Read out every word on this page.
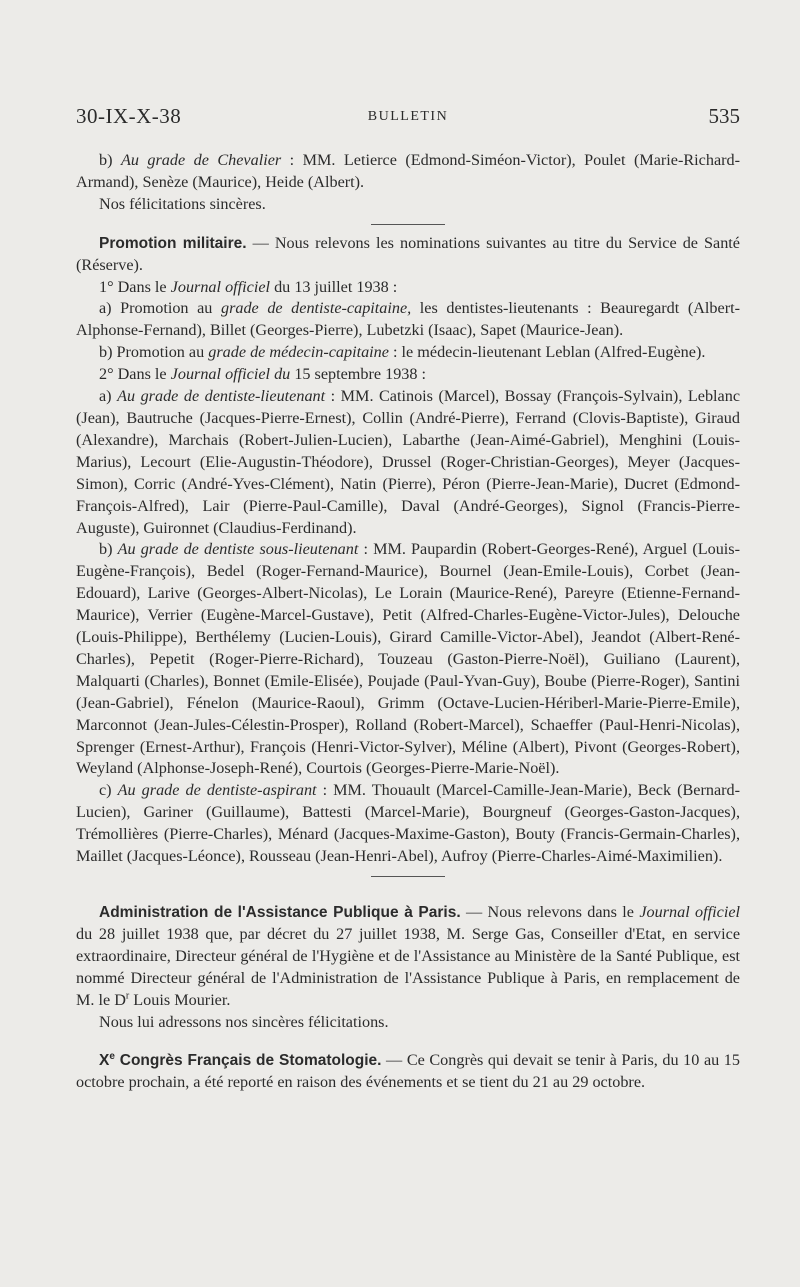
30-IX-X-38	BULLETIN	535

b) Au grade de Chevalier : MM. Letierce (Edmond-Siméon-Victor), Poulet (Marie-Richard-Armand), Senèze (Maurice), Heide (Albert).

Nos félicitations sincères.

Promotion militaire. — Nous relevons les nominations suivantes au titre du Service de Santé (Réserve).

1° Dans le Journal officiel du 13 juillet 1938 :

a) Promotion au grade de dentiste-capitaine, les dentistes-lieutenants : Beauregardt (Albert-Alphonse-Fernand), Billet (Georges-Pierre), Lubetzki (Isaac), Sapet (Maurice-Jean).

b) Promotion au grade de médecin-capitaine : le médecin-lieutenant Leblan (Alfred-Eugène).

2° Dans le Journal officiel du 15 septembre 1938 :

a) Au grade de dentiste-lieutenant : MM. Catinois (Marcel), Bossay (François-Sylvain), Leblanc (Jean), Bautruche (Jacques-Pierre-Ernest), Collin (André-Pierre), Ferrand (Clovis-Baptiste), Giraud (Alexandre), Marchais (Robert-Julien-Lucien), Labarthe (Jean-Aimé-Gabriel), Menghini (Louis-Marius), Lecourt (Elie-Augustin-Théodore), Drussel (Roger-Christian-Georges), Meyer (Jacques-Simon), Corric (André-Yves-Clément), Natin (Pierre), Péron (Pierre-Jean-Marie), Ducret (Edmond-François-Alfred), Lair (Pierre-Paul-Camille), Daval (André-Georges), Signol (Francis-Pierre-Auguste), Guironnet (Claudius-Ferdinand).

b) Au grade de dentiste sous-lieutenant : MM. Paupardin (Robert-Georges-René), Arguel (Louis-Eugène-François), Bedel (Roger-Fernand-Maurice), Bournel (Jean-Emile-Louis), Corbet (Jean-Edouard), Larive (Georges-Albert-Nicolas), Le Lorain (Maurice-René), Pareyre (Etienne-Fernand-Maurice), Verrier (Eugène-Marcel-Gustave), Petit (Alfred-Charles-Eugène-Victor-Jules), Delouche (Louis-Philippe), Berthélemy (Lucien-Louis), Girard Camille-Victor-Abel), Jeandot (Albert-René-Charles), Pepetit (Roger-Pierre-Richard), Touzeau (Gaston-Pierre-Noël), Guiliano (Laurent), Malquarti (Charles), Bonnet (Emile-Elisée), Poujade (Paul-Yvan-Guy), Boube (Pierre-Roger), Santini (Jean-Gabriel), Fénelon (Maurice-Raoul), Grimm (Octave-Lucien-Hériberl-Marie-Pierre-Emile), Marconnot (Jean-Jules-Célestin-Prosper), Rolland (Robert-Marcel), Schaeffer (Paul-Henri-Nicolas), Sprenger (Ernest-Arthur), François (Henri-Victor-Sylver), Méline (Albert), Pivont (Georges-Robert), Weyland (Alphonse-Joseph-René), Courtois (Georges-Pierre-Marie-Noël).

c) Au grade de dentiste-aspirant : MM. Thouault (Marcel-Camille-Jean-Marie), Beck (Bernard-Lucien), Gariner (Guillaume), Battesti (Marcel-Marie), Bourgneuf (Georges-Gaston-Jacques), Trémollières (Pierre-Charles), Ménard (Jacques-Maxime-Gaston), Bouty (Francis-Germain-Charles), Maillet (Jacques-Léonce), Rousseau (Jean-Henri-Abel), Aufroy (Pierre-Charles-Aimé-Maximilien).

Administration de l'Assistance Publique à Paris. — Nous relevons dans le Journal officiel du 28 juillet 1938 que, par décret du 27 juillet 1938, M. Serge Gas, Conseiller d'Etat, en service extraordinaire, Directeur général de l'Hygiène et de l'Assistance au Ministère de la Santé Publique, est nommé Directeur général de l'Administration de l'Assistance Publique à Paris, en remplacement de M. le $D^r$ Louis Mourier.

Nous lui adressons nos sincères félicitations.

Xe Congrès Français de Stomatologie. — Ce Congrès qui devait se tenir à Paris, du 10 au 15 octobre prochain, a été reporté en raison des événements et se tient du 21 au 29 octobre.
